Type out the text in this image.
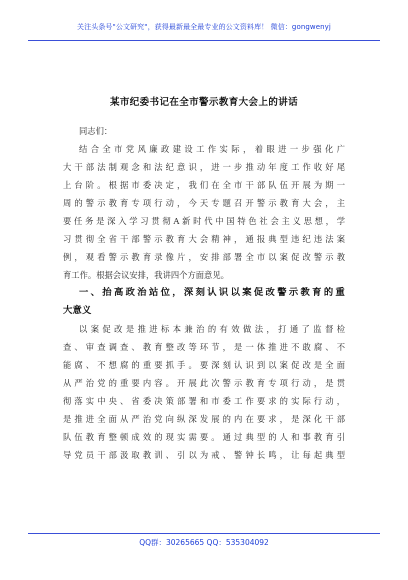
关注头条号"公文研究"，获得最新最全最专业的公文资料库！ 微信：gongwenyj
某市纪委书记在全市警示教育大会上的讲话
同志们：
结合全市党风廉政建设工作实际，着眼进一步强化广
大干部法制观念和法纪意识，进一步推动年度工作收好尾
上台阶。根据市委决定，我们在全市干部队伍开展为期一
周的警示教育专项行动，今天专题召开警示教育大会，主
要任务是深入学习贯彻A新时代中国特色社会主义思想，学
习贯彻全省干部警示教育大会精神，通报典型违纪违法案
例，观看警示教育录像片，安排部署全市以案促改警示教
育工作。根据会议安排，我讲四个方面意见。
一、抬高政治站位，深刻认识以案促改警示教育的重
大意义
以案促改是推进标本兼治的有效做法，打通了监督检
查、审查调查、教育整改等环节，是一体推进不敢腐、不
能腐、不想腐的重要抓手。要深刻认识到以案促改是全面
从严治党的重要内容。开展此次警示教育专项行动，是贯
彻落实中央、省委决策部署和市委工作要求的实际行动，
是推进全面从严治党向纵深发展的内在要求，是深化干部
队伍教育整顿成效的现实需要。通过典型的人和事教育引
导党员干部汲取教训、引以为戒、警钟长鸣，让每起典型
QQ群：30265665 QQ：535304092
